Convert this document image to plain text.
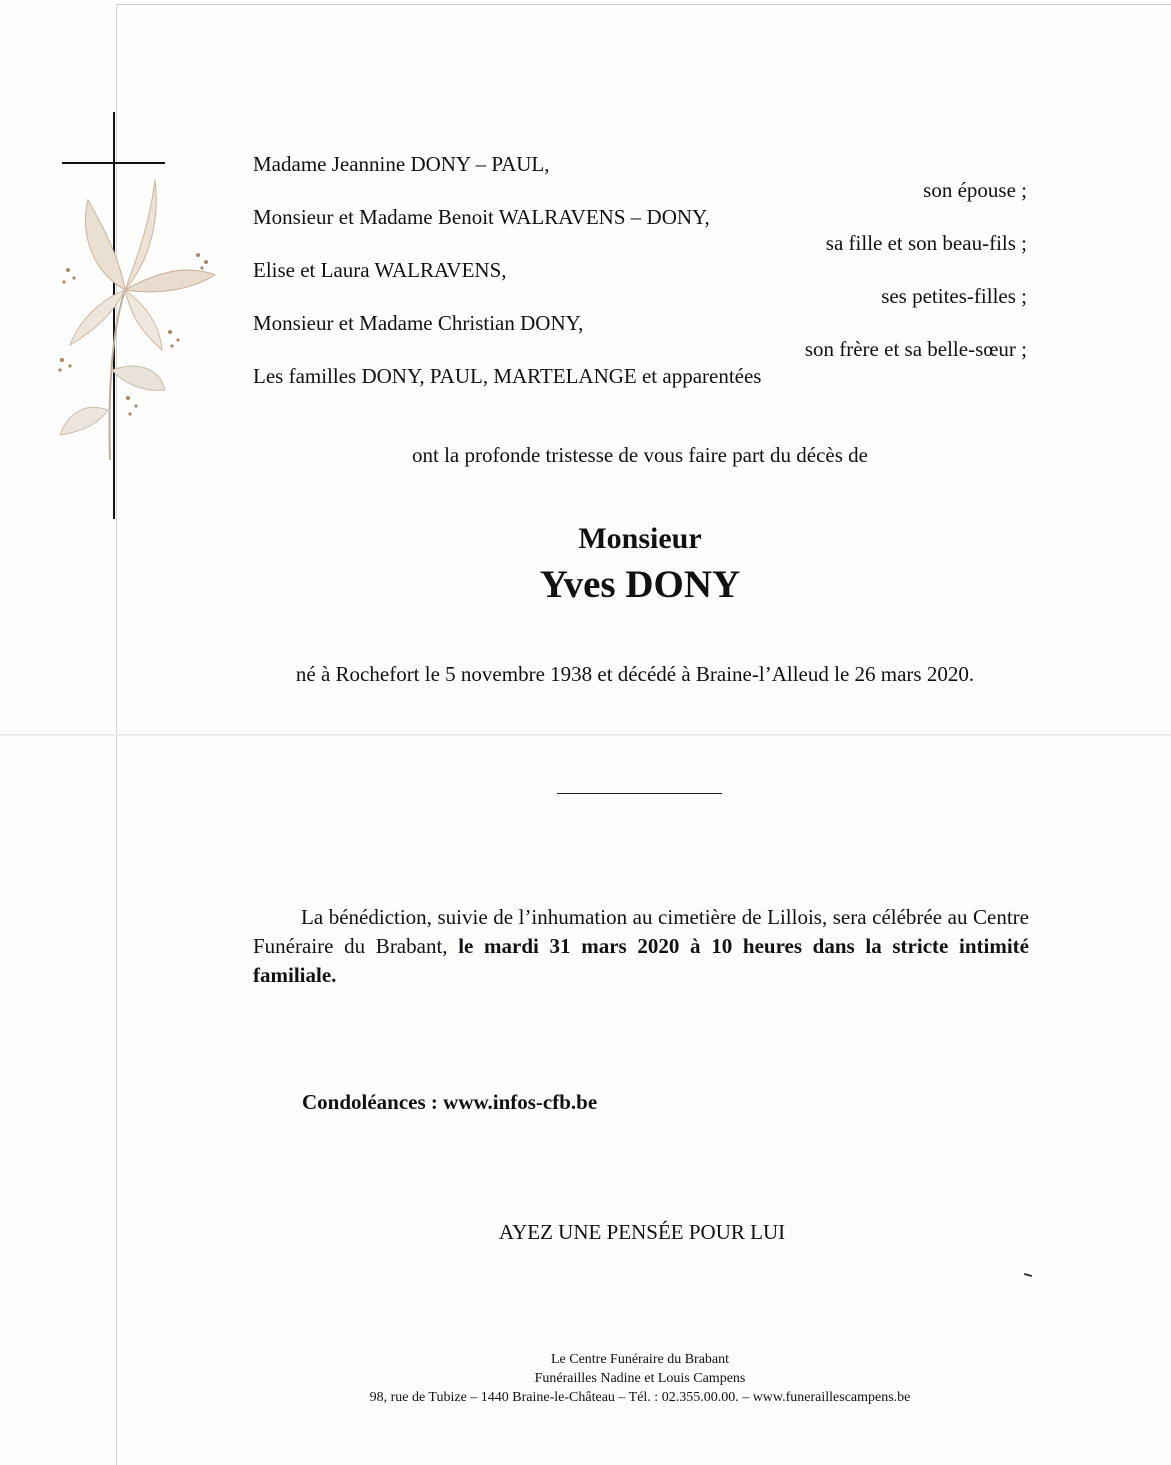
Madame Jeannine DONY – PAUL,
son épouse ;
Monsieur et Madame Benoit WALRAVENS – DONY,
sa fille et son beau-fils ;
Elise et Laura WALRAVENS,
ses petites-filles ;
Monsieur et Madame Christian DONY,
son frère et sa belle-sœur ;
Les familles DONY, PAUL, MARTELANGE et apparentées
ont la profonde tristesse de vous faire part du décès de
Monsieur
Yves DONY
né à Rochefort le 5 novembre 1938 et décédé à Braine-l’Alleud le 26 mars 2020.
La bénédiction, suivie de l’inhumation au cimetière de Lillois, sera célébrée au Centre Funéraire du Brabant, le mardi 31 mars 2020 à 10 heures dans la stricte intimité familiale.
Condoléances : www.infos-cfb.be
AYEZ UNE PENSÉE POUR LUI
Le Centre Funéraire du Brabant
Funérailles Nadine et Louis Campens
98, rue de Tubize – 1440 Braine-le-Château – Tél. : 02.355.00.00. – www.funeraillescampens.be
